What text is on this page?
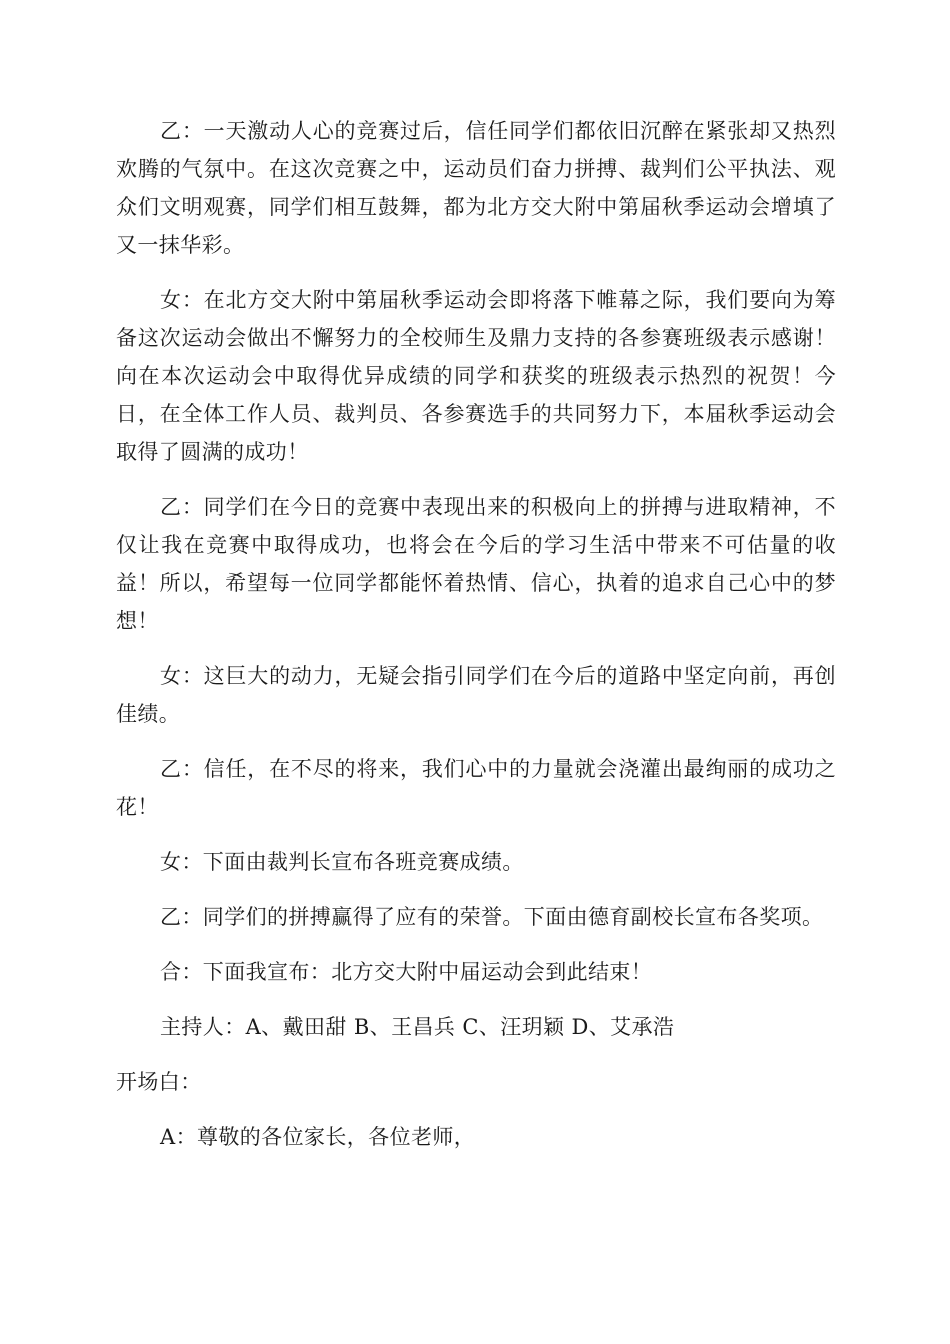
乙：一天激动人心的竞赛过后，信任同学们都依旧沉醉在紧张却又热烈欢腾的气氛中。在这次竞赛之中，运动员们奋力拼搏、裁判们公平执法、观众们文明观赛，同学们相互鼓舞，都为北方交大附中第届秋季运动会增填了又一抹华彩。

女：在北方交大附中第届秋季运动会即将落下帷幕之际，我们要向为筹备这次运动会做出不懈努力的全校师生及鼎力支持的各参赛班级表示感谢！向在本次运动会中取得优异成绩的同学和获奖的班级表示热烈的祝贺！今日，在全体工作人员、裁判员、各参赛选手的共同努力下，本届秋季运动会取得了圆满的成功！

乙：同学们在今日的竞赛中表现出来的积极向上的拼搏与进取精神，不仅让我在竞赛中取得成功，也将会在今后的学习生活中带来不可估量的收益！所以，希望每一位同学都能怀着热情、信心，执着的追求自己心中的梦想！

女：这巨大的动力，无疑会指引同学们在今后的道路中坚定向前，再创佳绩。

乙：信任，在不尽的将来，我们心中的力量就会浇灌出最绚丽的成功之花！

女：下面由裁判长宣布各班竞赛成绩。

乙：同学们的拼搏赢得了应有的荣誉。下面由德育副校长宣布各奖项。

合：下面我宣布：北方交大附中届运动会到此结束！

主持人：A、戴田甜 B、王昌兵 C、汪玥颖 D、艾承浩

开场白：

A：尊敬的各位家长，各位老师，
